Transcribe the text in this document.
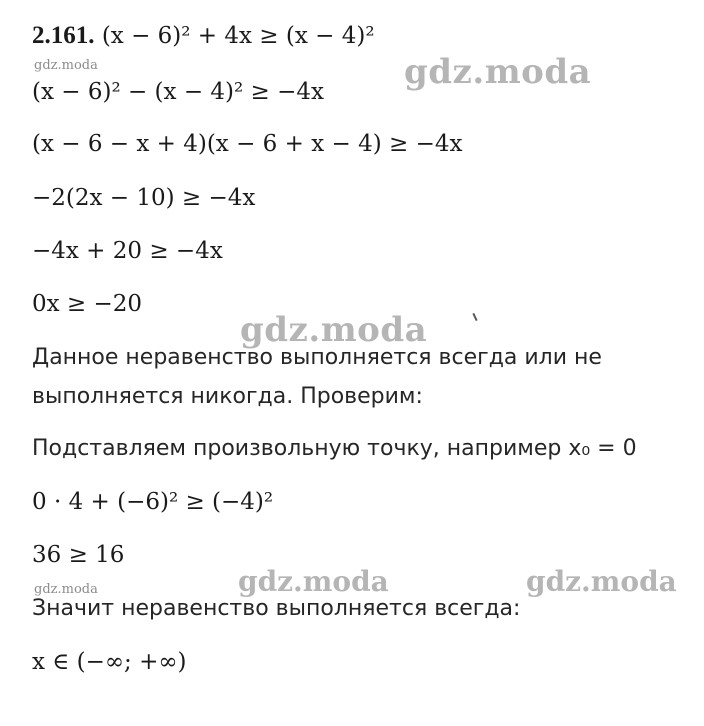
gdz.moda	gdz.moda
gdz.moda
gdz.moda	gdz.moda	gdz.moda
2.161. (x − 6)² + 4x ≥ (x − 4)²
(x − 6)² − (x − 4)² ≥ −4x
(x − 6 − x + 4)(x − 6 + x − 4) ≥ −4x
−2(2x − 10) ≥ −4x
−4x + 20 ≥ −4x
0x ≥ −20
Данное неравенство выполняется всегда или не
выполняется никогда. Проверим:
Подставляем произвольную точку, например x₀ = 0
0 · 4 + (−6)² ≥ (−4)²
36 ≥ 16
Значит неравенство выполняется всегда:
x ∈ (−∞; +∞)
